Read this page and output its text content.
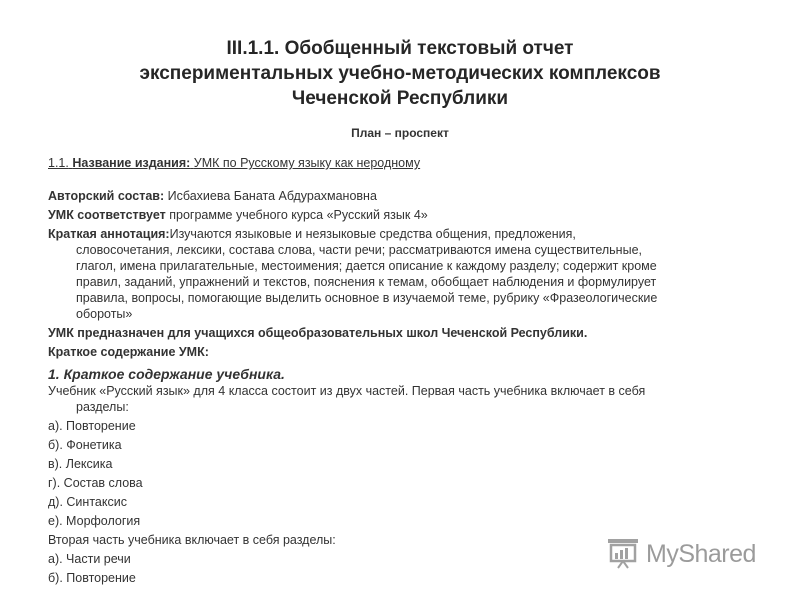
III.1.1. Обобщенный текстовый отчет
экспериментальных учебно-методических комплексов
Чеченской Республики
План – проспект
1.1. Название издания: УМК по Русскому языку как неродному
Авторский состав: Исбахиева Баната Абдурахмановна
УМК соответствует программе учебного курса «Русский язык 4»
Краткая аннотация:Изучаются языковые и неязыковые средства общения, предложения,
словосочетания, лексики, состава слова, части речи; рассматриваются имена существительные,
глагол, имена прилагательные, местоимения; дается описание к каждому разделу; содержит кроме
правил, заданий, упражнений и текстов, пояснения к темам, обобщает наблюдения и формулирует
правила, вопросы, помогающие выделить основное в изучаемой теме, рубрику «Фразеологические
обороты»
УМК предназначен для учащихся общеобразовательных школ Чеченской Республики.
Краткое содержание УМК:
1. Краткое содержание учебника.
Учебник «Русский язык» для 4 класса состоит из двух частей. Первая часть учебника включает в себя
разделы:
а). Повторение
б). Фонетика
в). Лексика
г). Состав слова
д). Синтаксис
е). Морфология
Вторая часть учебника включает в себя разделы:
а). Части речи
б). Повторение
MyShared
